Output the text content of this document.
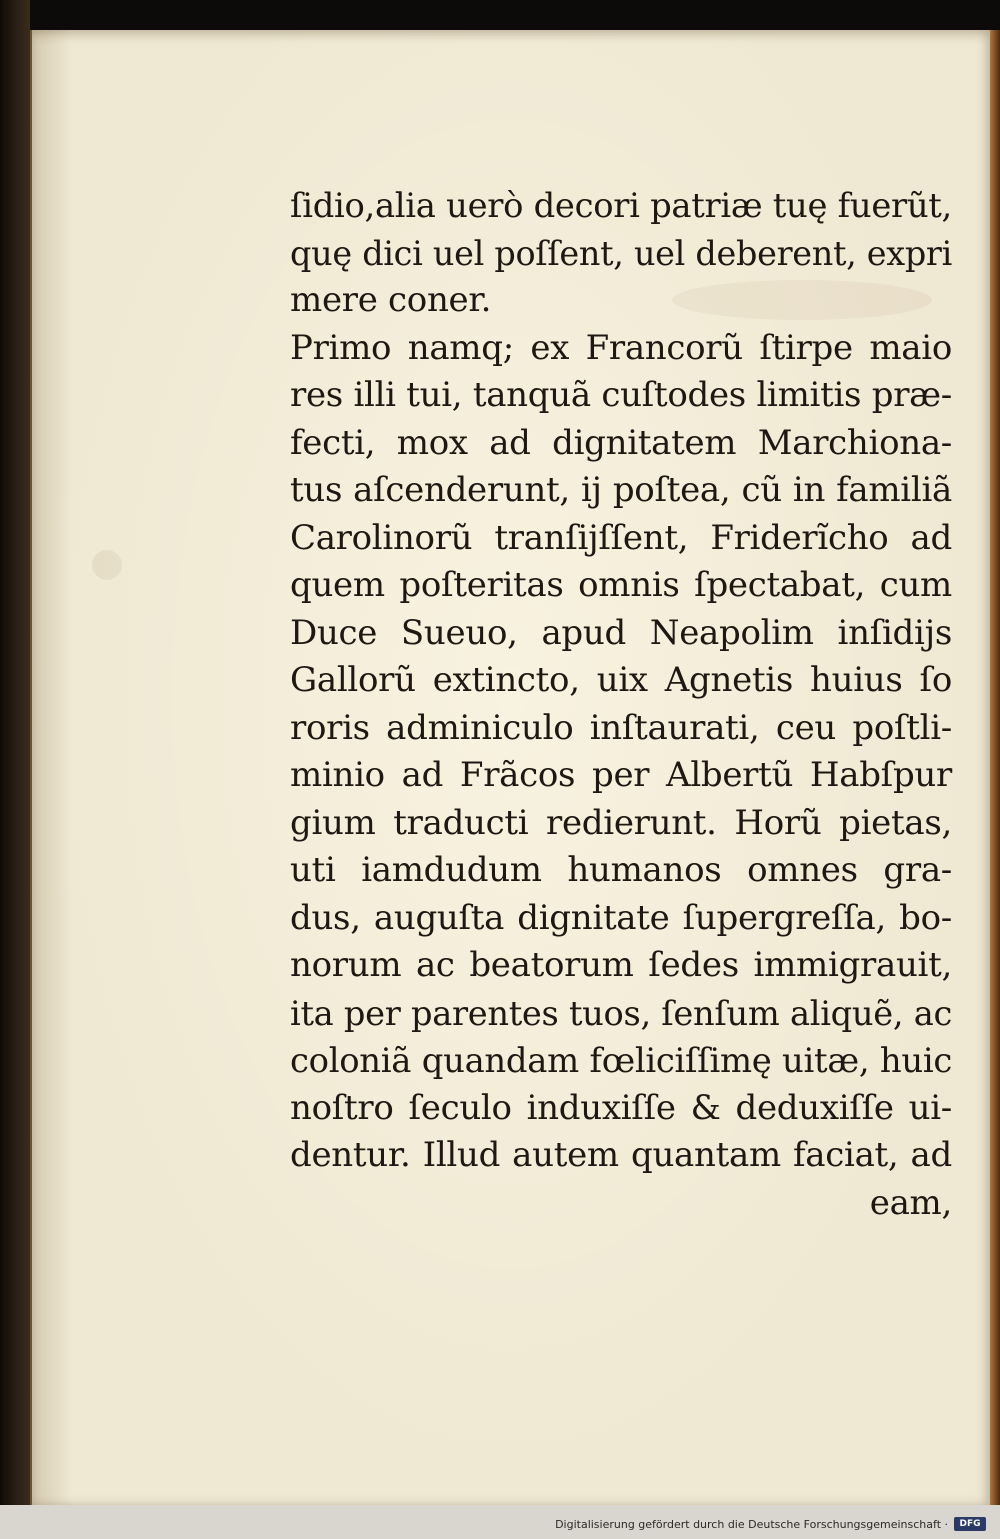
ſidio,alia uerò decori patriæ tuę fuerũt,
quę dici uel poſſent, uel deberent, expri
mere coner.
Primo namq; ex Francorũ ſtirpe maio
res illi tui, tanquã cuſtodes limitis præ-
fecti, mox ad dignitatem Marchiona-
tus aſcenderunt, ij poſtea, cũ in familiã
Carolinorũ tranſijſſent, Friderĩcho ad
quem poſteritas omnis ſpectabat, cum
Duce Sueuo, apud Neapolim inſidijs
Gallorũ extincto, uix Agnetis huius ſo
roris adminiculo inſtaurati, ceu poſtli-
minio ad Frãcos per Albertũ Habſpur
gium traducti redierunt. Horũ pietas,
uti iamdudum humanos omnes gra-
dus, auguſta dignitate ſupergreſſa, bo-
norum ac beatorum ſedes immigrauit,
ita per parentes tuos, ſenſum aliquẽ, ac
coloniã quandam fœliciſſimę uitæ, huic
noſtro ſeculo induxiſſe & deduxiſſe ui-
dentur. Illud autem quantam faciat, ad
eam,
Digitalisierung gefördert durch die Deutsche Forschungsgemeinschaft ·	DFG
